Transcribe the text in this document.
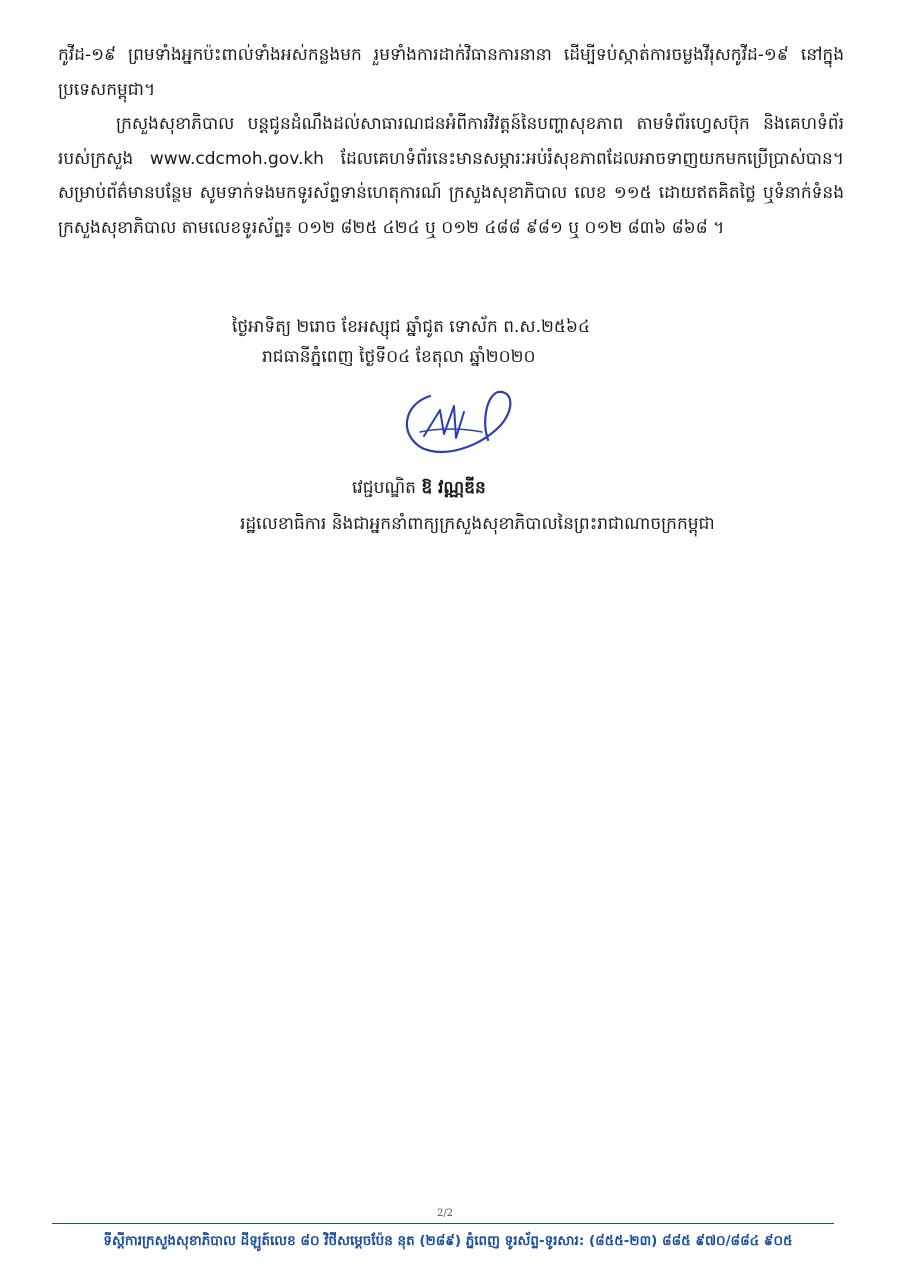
កូវីដ-១៩ ព្រមទាំងអ្នកប៉ះពាល់ទាំងអស់កន្លងមក រួមទាំងការដាក់វិធានការនានា ដើម្បីទប់ស្កាត់ការចម្លងវីរុសកូវីដ-១៩ នៅក្នុងប្រទេសកម្ពុជា។

ក្រសួងសុខាភិបាល បន្តជូនដំណឹងដល់សាធារណជនអំពីការវិវត្តន៍នៃបញ្ហាសុខភាព តាមទំព័រហ្វេសប៊ុក និងគេហទំព័ររបស់ក្រសួង www.cdcmoh.gov.kh ដែលគេហទំព័រនេះមានសម្ភារៈអប់រំសុខភាពដែលអាចទាញយកមកប្រើប្រាស់បាន។ សម្រាប់ព័ត៌មានបន្ថែម សូមទាក់ទងមកទូរស័ព្ទទាន់ហេតុការណ៍ ក្រសួងសុខាភិបាល លេខ ១១៥ ដោយឥតគិតថ្លៃ ឬទំនាក់ទំនងក្រសួងសុខាភិបាល តាមលេខទូរស័ព្ទ៖ ០១២ ៨២៥ ៤២៤ ឬ ០១២ ៤៨៨ ៩៨១ ឬ ០១២ ៨៣៦ ៨៦៨ ។

ថ្ងៃអាទិត្យ ២រោច ខែអស្សុជ ឆ្នាំជូត ទោស័ក ព.ស.២៥៦៤
រាជធានីភ្នំពេញ ថ្ងៃទី០៤ ខែតុលា ឆ្នាំ២០២០
វេជ្ជបណ្ឌិត ឱ វណ្ណឌីន
រដ្ឋលេខាធិការ និងជាអ្នកនាំពាក្យក្រសួងសុខាភិបាលនៃព្រះរាជាណាចក្រកម្ពុជា
2/2
ទីស្តីការក្រសួងសុខាភិបាល ដីឡូត៍លេខ ៨០ វិថីសម្តេចប៉ែន នុត (២៨៩) ភ្នំពេញ ទូរស័ព្ទ-ទូរសារ: (៨៥៥-២៣) ៨៨៥ ៩៧០/៨៨៤ ៩០៥
